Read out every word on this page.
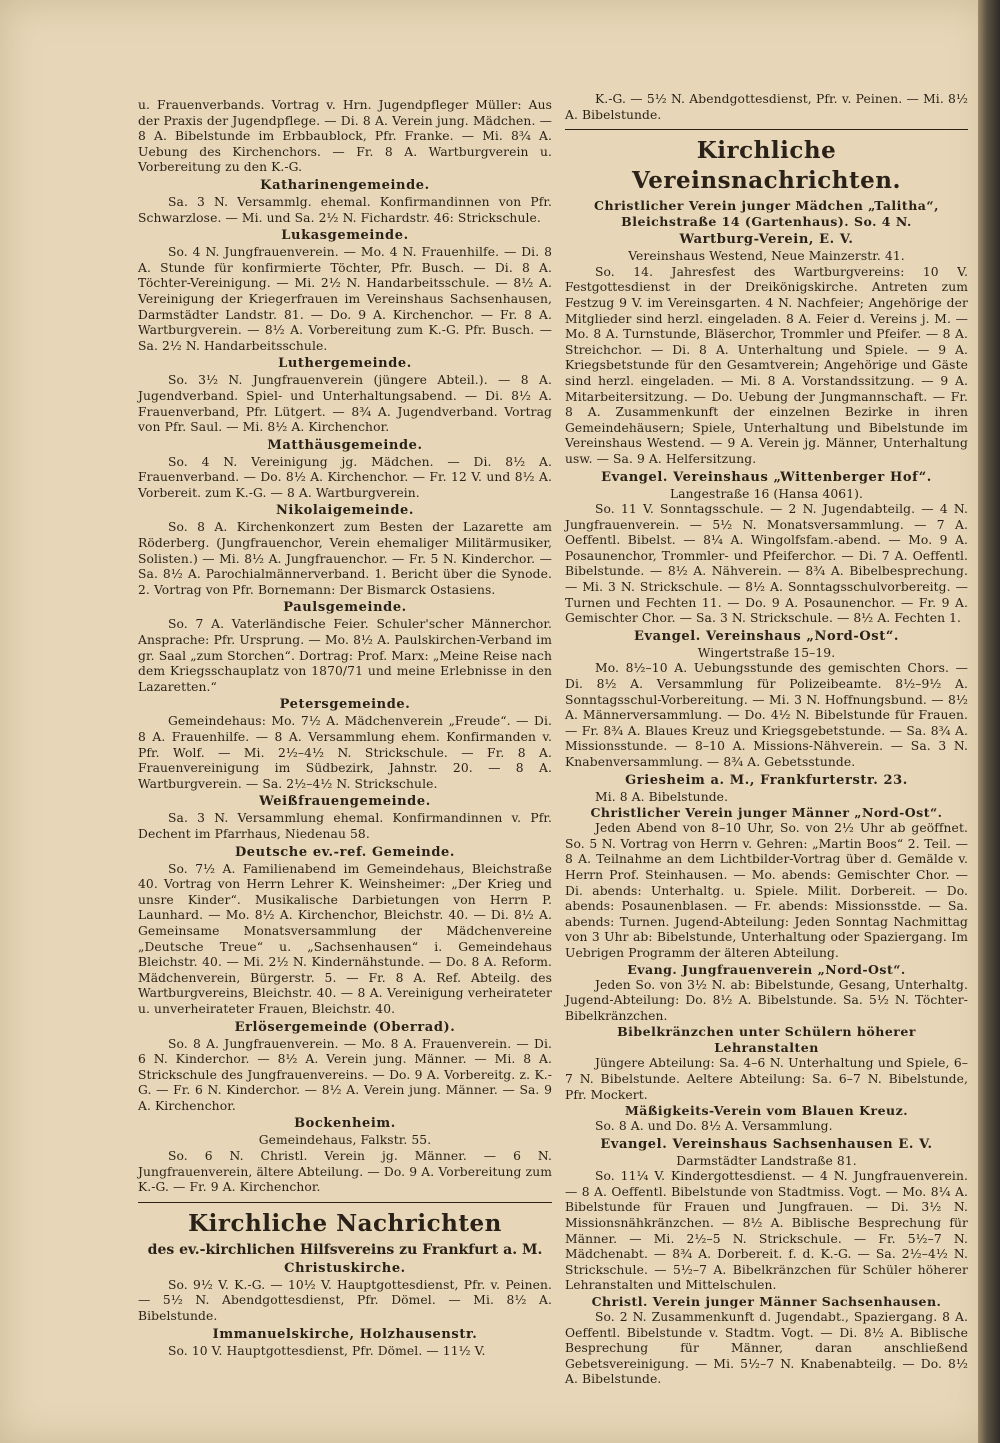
u. Frauenverbands. Vortrag v. Hrn. Jugendpfleger Müller: Aus der Praxis der Jugendpflege. — Di. 8 A. Verein jung. Mädchen. — 8 A. Bibelstunde im Erbbaublock, Pfr. Franke. — Mi. 8¾ A. Uebung des Kirchenchors. — Fr. 8 A. Wartburgverein u. Vorbereitung zu den K.-G.

Katharinengemeinde.

Sa. 3 N. Versammlg. ehemal. Konfirmandinnen von Pfr. Schwarzlose. — Mi. und Sa. 2½ N. Fichardstr. 46: Strickschule.

Lukasgemeinde.

So. 4 N. Jungfrauenverein. — Mo. 4 N. Frauenhilfe. — Di. 8 A. Stunde für konfirmierte Töchter, Pfr. Busch. — Di. 8 A. Töchter-Vereinigung. — Mi. 2½ N. Handarbeitsschule. — 8½ A. Vereinigung der Kriegerfrauen im Vereinshaus Sachsenhausen, Darmstädter Landstr. 81. — Do. 9 A. Kirchenchor. — Fr. 8 A. Wartburgverein. — 8½ A. Vorbereitung zum K.-G. Pfr. Busch. — Sa. 2½ N. Handarbeitsschule.

Luthergemeinde.

So. 3½ N. Jungfrauenverein (jüngere Abteil.). — 8 A. Jugendverband. Spiel- und Unterhaltungsabend. — Di. 8½ A. Frauenverband, Pfr. Lütgert. — 8¾ A. Jugendverband. Vortrag von Pfr. Saul. — Mi. 8½ A. Kirchenchor.

Matthäusgemeinde.

So. 4 N. Vereinigung jg. Mädchen. — Di. 8½ A. Frauenverband. — Do. 8½ A. Kirchenchor. — Fr. 12 V. und 8½ A. Vorbereit. zum K.-G. — 8 A. Wartburgverein.

Nikolaigemeinde.

So. 8 A. Kirchenkonzert zum Besten der Lazarette am Röderberg. (Jungfrauenchor, Verein ehemaliger Militärmusiker, Solisten.) — Mi. 8½ A. Jungfrauenchor. — Fr. 5 N. Kinderchor. — Sa. 8½ A. Parochialmännerverband. 1. Bericht über die Synode. 2. Vortrag von Pfr. Bornemann: Der Bismarck Ostasiens.

Paulsgemeinde.

So. 7 A. Vaterländische Feier. Schuler'scher Männerchor. Ansprache: Pfr. Ursprung. — Mo. 8½ A. Paulskirchen-Verband im gr. Saal „zum Storchen“. Dortrag: Prof. Marx: „Meine Reise nach dem Kriegsschauplatz von 1870/71 und meine Erlebnisse in den Lazaretten.“

Petersgemeinde.

Gemeindehaus: Mo. 7½ A. Mädchenverein „Freude“. — Di. 8 A. Frauenhilfe. — 8 A. Versammlung ehem. Konfirmanden v. Pfr. Wolf. — Mi. 2½–4½ N. Strickschule. — Fr. 8 A. Frauenvereinigung im Südbezirk, Jahnstr. 20. — 8 A. Wartburgverein. — Sa. 2½–4½ N. Strickschule.

Weißfrauengemeinde.

Sa. 3 N. Versammlung ehemal. Konfirmandinnen v. Pfr. Dechent im Pfarrhaus, Niedenau 58.

Deutsche ev.-ref. Gemeinde.

So. 7½ A. Familienabend im Gemeindehaus, Bleichstraße 40. Vortrag von Herrn Lehrer K. Weinsheimer: „Der Krieg und unsre Kinder“. Musikalische Darbietungen von Herrn P. Launhard. — Mo. 8½ A. Kirchenchor, Bleichstr. 40. — Di. 8½ A. Gemeinsame Monatsversammlung der Mädchenvereine „Deutsche Treue“ u. „Sachsenhausen“ i. Gemeindehaus Bleichstr. 40. — Mi. 2½ N. Kindernähstunde. — Do. 8 A. Reform. Mädchenverein, Bürgerstr. 5. — Fr. 8 A. Ref. Abteilg. des Wartburgvereins, Bleichstr. 40. — 8 A. Vereinigung verheirateter u. unverheirateter Frauen, Bleichstr. 40.

Erlösergemeinde (Oberrad).

So. 8 A. Jungfrauenverein. — Mo. 8 A. Frauenverein. — Di. 6 N. Kinderchor. — 8½ A. Verein jung. Männer. — Mi. 8 A. Strickschule des Jungfrauenvereins. — Do. 9 A. Vorbereitg. z. K.-G. — Fr. 6 N. Kinderchor. — 8½ A. Verein jung. Männer. — Sa. 9 A. Kirchenchor.

Bockenheim.

Gemeindehaus, Falkstr. 55.

So. 6 N. Christl. Verein jg. Männer. — 6 N. Jungfrauenverein, ältere Abteilung. — Do. 9 A. Vorbereitung zum K.-G. — Fr. 9 A. Kirchenchor.

Kirchliche Nachrichten
des ev.-kirchlichen Hilfsvereins zu Frankfurt a. M.
Christuskirche.

So. 9½ V. K.-G. — 10½ V. Hauptgottesdienst, Pfr. v. Peinen. — 5½ N. Abendgottesdienst, Pfr. Dömel. — Mi. 8½ A. Bibelstunde.

Immanuelskirche, Holzhausenstr.

So. 10 V. Hauptgottesdienst, Pfr. Dömel. — 11½ V.

K.-G. — 5½ N. Abendgottesdienst, Pfr. v. Peinen. — Mi. 8½ A. Bibelstunde.

Kirchliche Vereinsnachrichten.
Christlicher Verein junger Mädchen „Talitha“, Bleichstraße 14 (Gartenhaus). So. 4 N.
Wartburg-Verein, E. V.

Vereinshaus Westend, Neue Mainzerstr. 41.

So. 14. Jahresfest des Wartburgvereins: 10 V. Festgottesdienst in der Dreikönigskirche. Antreten zum Festzug 9 V. im Vereinsgarten. 4 N. Nachfeier; Angehörige der Mitglieder sind herzl. eingeladen. 8 A. Feier d. Vereins j. M. — Mo. 8 A. Turnstunde, Bläserchor, Trommler und Pfeifer. — 8 A. Streichchor. — Di. 8 A. Unterhaltung und Spiele. — 9 A. Kriegsbetstunde für den Gesamtverein; Angehörige und Gäste sind herzl. eingeladen. — Mi. 8 A. Vorstandssitzung. — 9 A. Mitarbeitersitzung. — Do. Uebung der Jungmannschaft. — Fr. 8 A. Zusammenkunft der einzelnen Bezirke in ihren Gemeindehäusern; Spiele, Unterhaltung und Bibelstunde im Vereinshaus Westend. — 9 A. Verein jg. Männer, Unterhaltung usw. — Sa. 9 A. Helfersitzung.

Evangel. Vereinshaus „Wittenberger Hof“.

Langestraße 16 (Hansa 4061).

So. 11 V. Sonntagsschule. — 2 N. Jugendabteilg. — 4 N. Jungfrauenverein. — 5½ N. Monatsversammlung. — 7 A. Oeffentl. Bibelst. — 8¼ A. Wingolfsfam.-abend. — Mo. 9 A. Posaunenchor, Trommler- und Pfeiferchor. — Di. 7 A. Oeffentl. Bibelstunde. — 8½ A. Nähverein. — 8¾ A. Bibelbesprechung. — Mi. 3 N. Strickschule. — 8½ A. Sonntagsschulvorbereitg. — Turnen und Fechten 11. — Do. 9 A. Posaunenchor. — Fr. 9 A. Gemischter Chor. — Sa. 3 N. Strickschule. — 8½ A. Fechten 1.

Evangel. Vereinshaus „Nord-Ost“.

Wingertstraße 15–19.

Mo. 8½–10 A. Uebungsstunde des gemischten Chors. — Di. 8½ A. Versammlung für Polizeibeamte. 8½–9½ A. Sonntagsschul-Vorbereitung. — Mi. 3 N. Hoffnungsbund. — 8½ A. Männerversammlung. — Do. 4½ N. Bibelstunde für Frauen. — Fr. 8¾ A. Blaues Kreuz und Kriegsgebetstunde. — Sa. 8¾ A. Missionsstunde. — 8–10 A. Missions-Nähverein. — Sa. 3 N. Knabenversammlung. — 8¾ A. Gebetsstunde.

Griesheim a. M., Frankfurterstr. 23.

Mi. 8 A. Bibelstunde.

Christlicher Verein junger Männer „Nord-Ost“.

Jeden Abend von 8–10 Uhr, So. von 2½ Uhr ab geöffnet. So. 5 N. Vortrag von Herrn v. Gehren: „Martin Boos“ 2. Teil. — 8 A. Teilnahme an dem Lichtbilder-Vortrag über d. Gemälde v. Herrn Prof. Steinhausen. — Mo. abends: Gemischter Chor. — Di. abends: Unterhaltg. u. Spiele. Milit. Dorbereit. — Do. abends: Posaunenblasen. — Fr. abends: Missionsstde. — Sa. abends: Turnen. Jugend-Abteilung: Jeden Sonntag Nachmittag von 3 Uhr ab: Bibelstunde, Unterhaltung oder Spaziergang. Im Uebrigen Programm der älteren Abteilung.

Evang. Jungfrauenverein „Nord-Ost“.

Jeden So. von 3½ N. ab: Bibelstunde, Gesang, Unterhaltg. Jugend-Abteilung: Do. 8½ A. Bibelstunde. Sa. 5½ N. Töchter-Bibelkränzchen.

Bibelkränzchen unter Schülern höherer Lehranstalten

Jüngere Abteilung: Sa. 4–6 N. Unterhaltung und Spiele, 6–7 N. Bibelstunde. Aeltere Abteilung: Sa. 6–7 N. Bibelstunde, Pfr. Mockert.

Mäßigkeits-Verein vom Blauen Kreuz.

So. 8 A. und Do. 8½ A. Versammlung.

Evangel. Vereinshaus Sachsenhausen E. V.

Darmstädter Landstraße 81.

So. 11¼ V. Kindergottesdienst. — 4 N. Jungfrauenverein. — 8 A. Oeffentl. Bibelstunde von Stadtmiss. Vogt. — Mo. 8¼ A. Bibelstunde für Frauen und Jungfrauen. — Di. 3½ N. Missionsnähkränzchen. — 8½ A. Biblische Besprechung für Männer. — Mi. 2½–5 N. Strickschule. — Fr. 5½–7 N. Mädchenabt. — 8¾ A. Dorbereit. f. d. K.-G. — Sa. 2½–4½ N. Strickschule. — 5½–7 A. Bibelkränzchen für Schüler höherer Lehranstalten und Mittelschulen.

Christl. Verein junger Männer Sachsenhausen.

So. 2 N. Zusammenkunft d. Jugendabt., Spaziergang. 8 A. Oeffentl. Bibelstunde v. Stadtm. Vogt. — Di. 8½ A. Biblische Besprechung für Männer, daran anschließend Gebetsvereinigung. — Mi. 5½–7 N. Knabenabteilg. — Do. 8½ A. Bibelstunde.
